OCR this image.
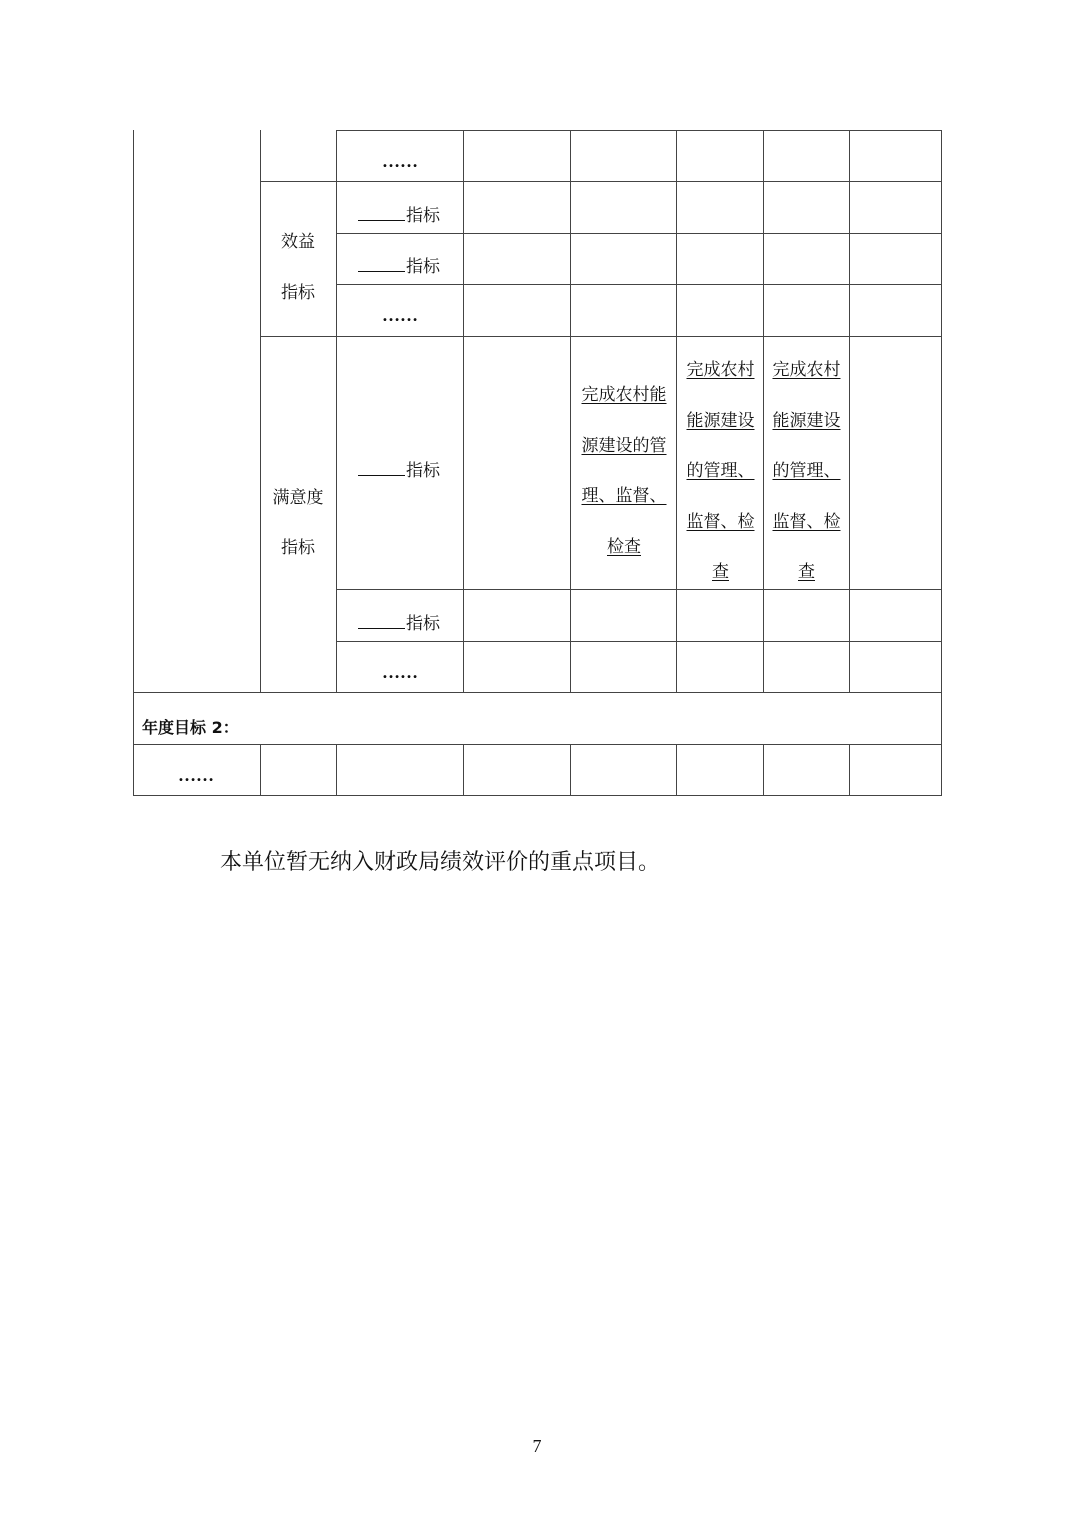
……
效益
指标
指标
指标
……
满意度
指标
指标
完成农村能源建设的管理、监督、检查
完成农村能源建设的管理、监督、检查
完成农村能源建设的管理、监督、检查
指标
……
年度目标 2：
……
本单位暂无纳入财政局绩效评价的重点项目。
7
